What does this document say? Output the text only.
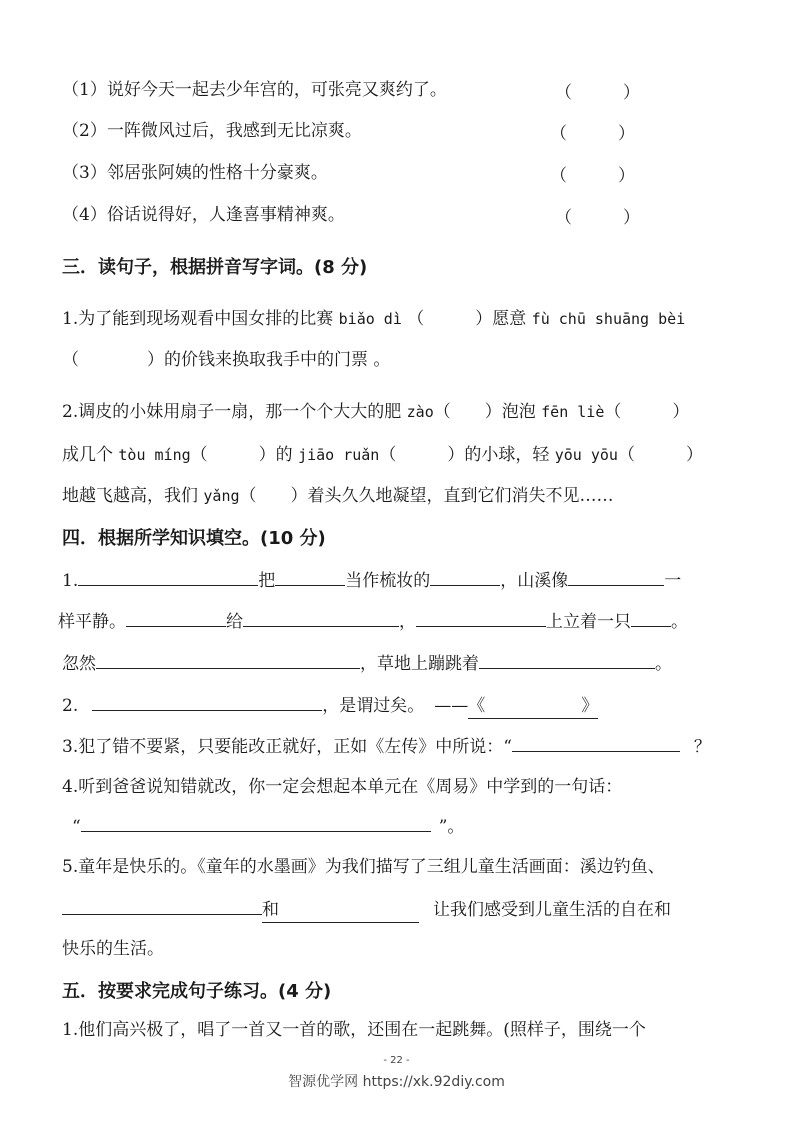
（1）说好今天一起去少年宫的，可张亮又爽约了。	（　　　）
（2）一阵微风过后，我感到无比凉爽。	（　　　）
（3）邻居张阿姨的性格十分豪爽。	（　　　）
（4）俗话说得好，人逢喜事精神爽。	（　　　）
三．读句子，根据拼音写字词。(8 分)
1.为了能到现场观看中国女排的比赛 biǎo dì （　　　）愿意 fù chū shuāng bèi
（　　　　）的价钱来换取我手中的门票 。
2.调皮的小妹用扇子一扇，那一个个大大的肥 zào（　　）泡泡 fēn liè（　　　）
成几个 tòu míng（　　　）的 jiāo ruǎn（　　　）的小球，轻 yōu yōu（　　　）
地越飞越高，我们 yǎng（　　）着头久久地凝望，直到它们消失不见……
四．根据所学知识填空。(10 分)
1.	把	当作梳妆的	，山溪像	一
样平静。	给	，	上立着一只 。
忽然	，草地上蹦跳着	。
2.	，是谓过矣。 ——《	》
3.犯了错不要紧，只要能改正就好，正如《左传》中所说：“	？
4.听到爸爸说知错就改，你一定会想起本单元在《周易》中学到的一句话：
“	”。
5.童年是快乐的。《童年的水墨画》为我们描写了三组儿童生活画面：溪边钓鱼、
和	让我们感受到儿童生活的自在和
快乐的生活。
五．按要求完成句子练习。(4 分)
1.他们高兴极了，唱了一首又一首的歌，还围在一起跳舞。(照样子，围绕一个
- 22 -
智源优学网 https://xk.92diy.com
